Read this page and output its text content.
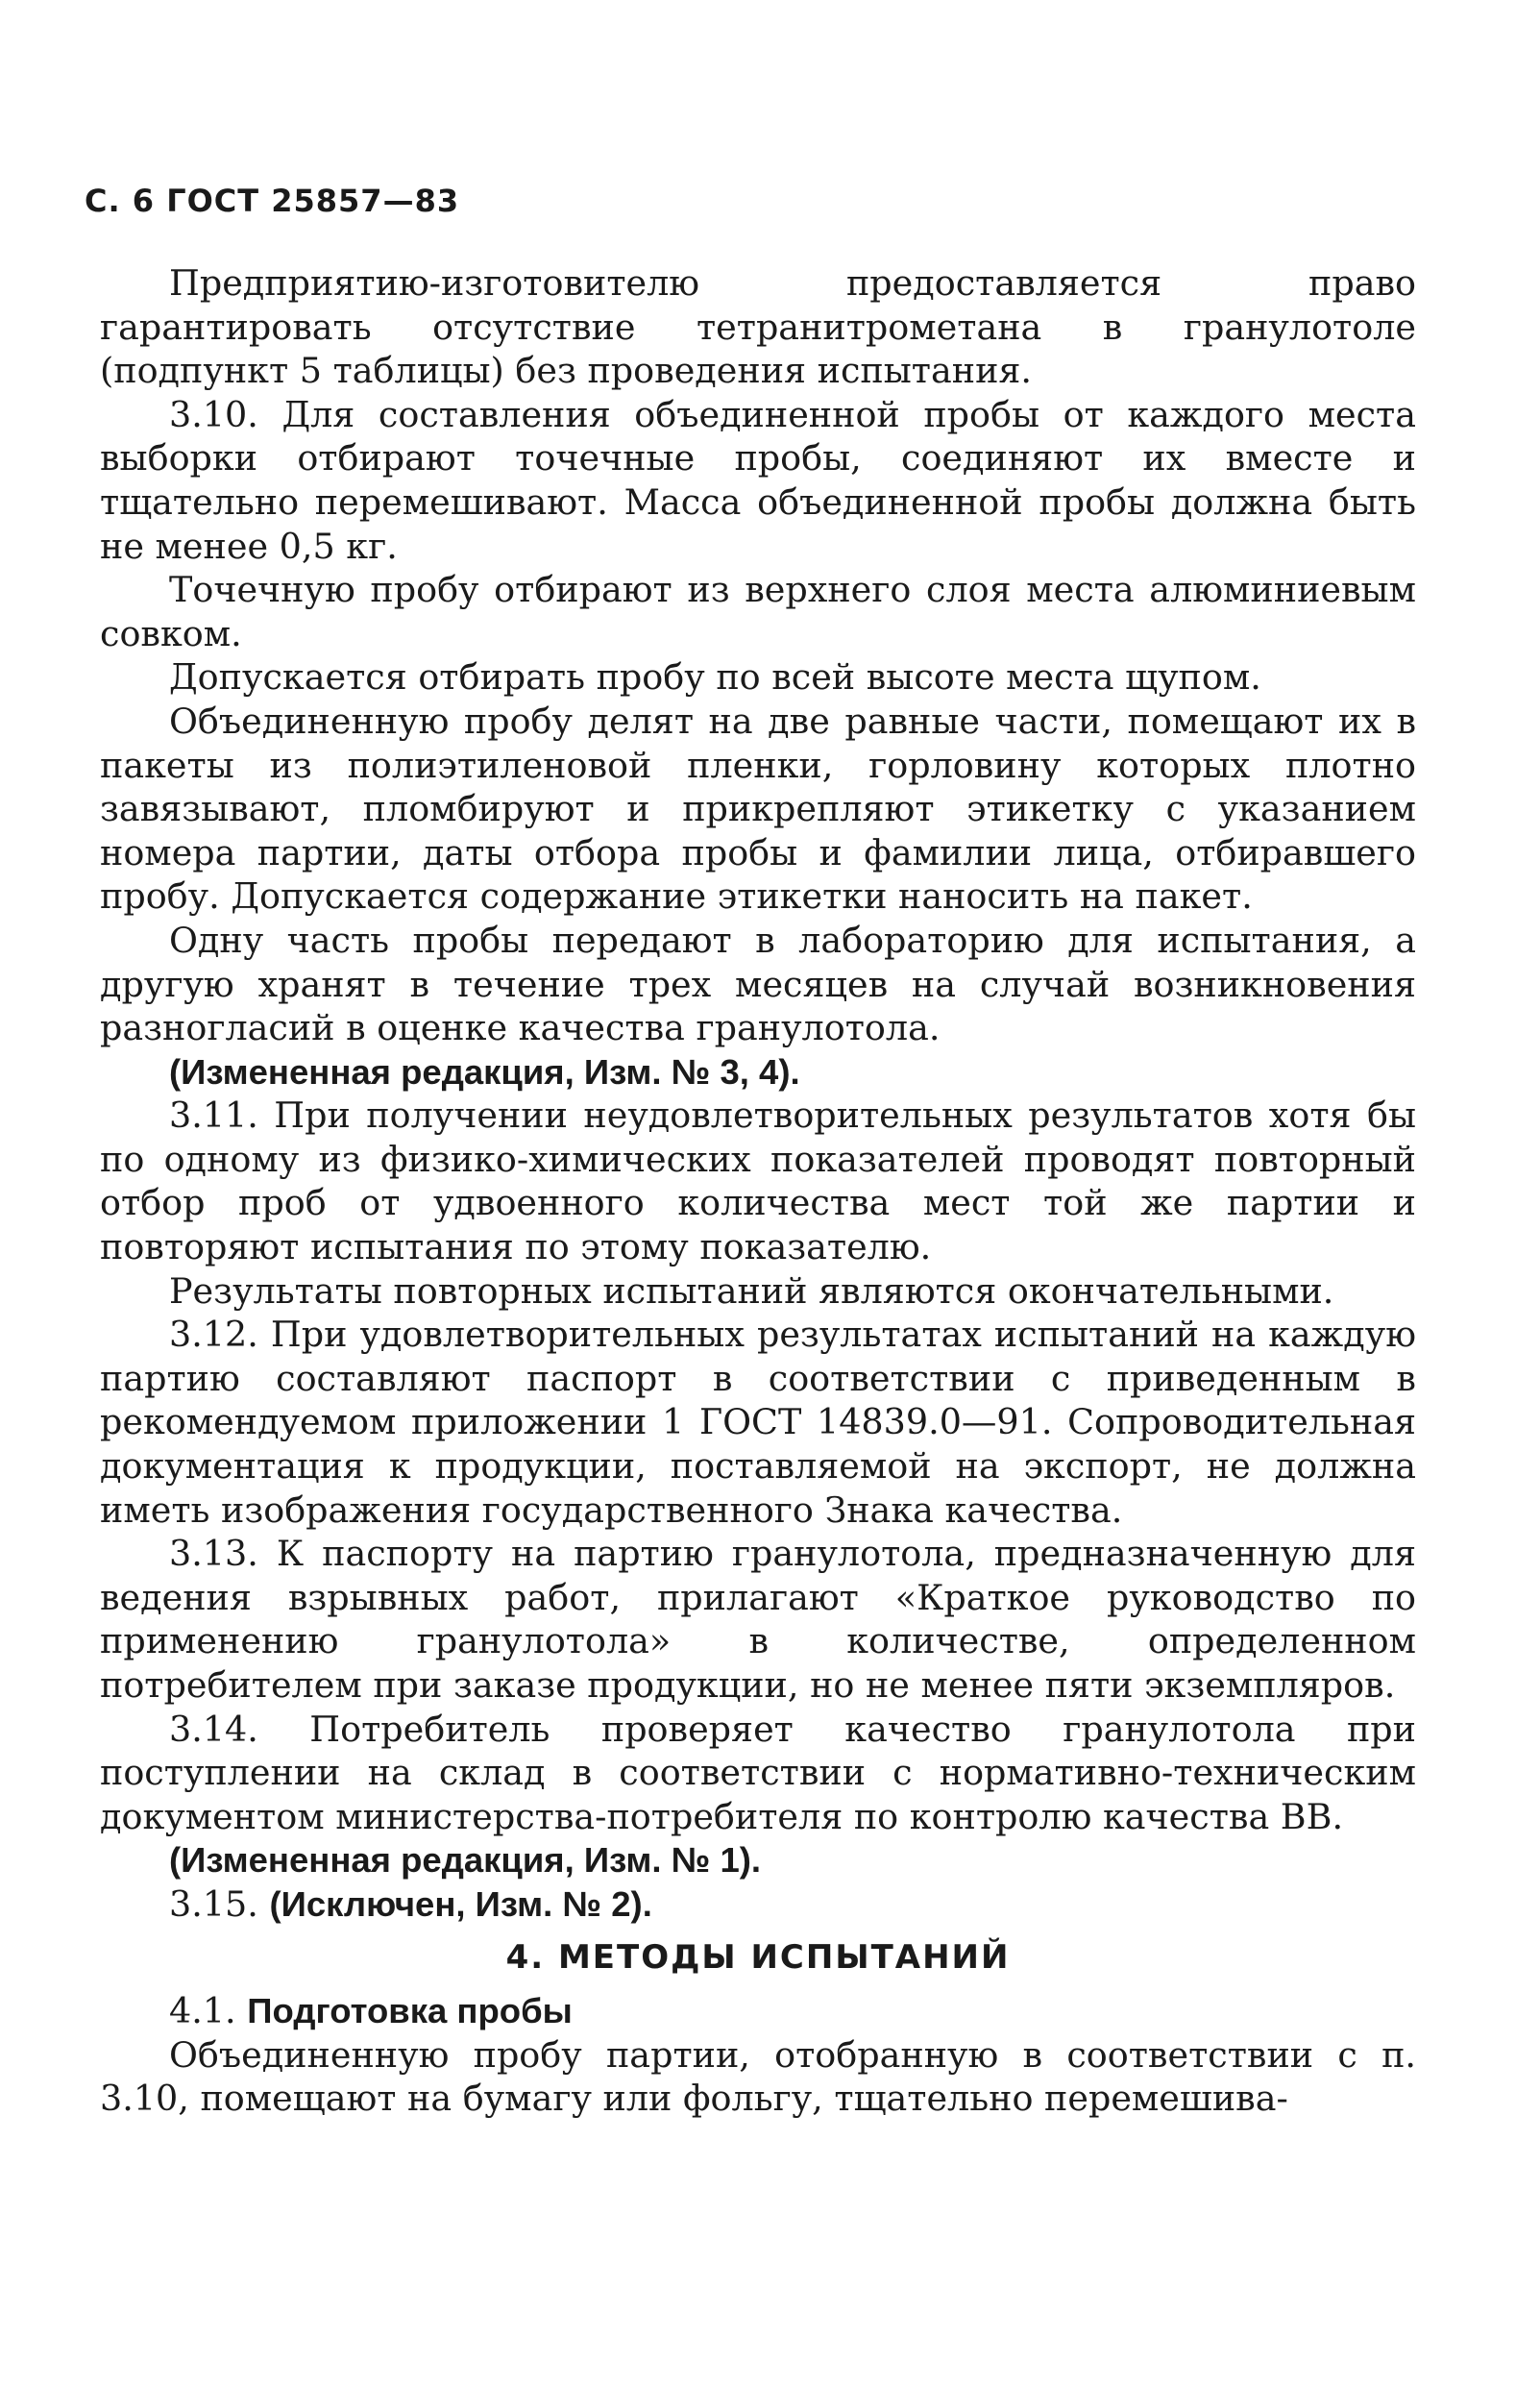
С. 6 ГОСТ 25857—83

Предприятию-изготовителю предоставляется право гарантировать отсутствие тетранитрометана в гранулотоле (подпункт 5 таблицы) без проведения испытания.

3.10. Для составления объединенной пробы от каждого места выборки отбирают точечные пробы, соединяют их вместе и тщательно перемешивают. Масса объединенной пробы должна быть не менее 0,5 кг.

Точечную пробу отбирают из верхнего слоя места алюминиевым совком.

Допускается отбирать пробу по всей высоте места щупом.

Объединенную пробу делят на две равные части, помещают их в пакеты из полиэтиленовой пленки, горловину которых плотно завязывают, пломбируют и прикрепляют этикетку с указанием номера партии, даты отбора пробы и фамилии лица, отбиравшего пробу. Допускается содержание этикетки наносить на пакет.

Одну часть пробы передают в лабораторию для испытания, а другую хранят в течение трех месяцев на случай возникновения разногласий в оценке качества гранулотола.

(Измененная редакция, Изм. № 3, 4).

3.11. При получении неудовлетворительных результатов хотя бы по одному из физико-химических показателей проводят повторный отбор проб от удвоенного количества мест той же партии и повторяют испытания по этому показателю.

Результаты повторных испытаний являются окончательными.

3.12. При удовлетворительных результатах испытаний на каждую партию составляют паспорт в соответствии с приведенным в рекомендуемом приложении 1 ГОСТ 14839.0—91. Сопроводительная документация к продукции, поставляемой на экспорт, не должна иметь изображения государственного Знака качества.

3.13. К паспорту на партию гранулотола, предназначенную для ведения взрывных работ, прилагают «Краткое руководство по применению гранулотола» в количестве, определенном потребителем при заказе продукции, но не менее пяти экземпляров.

3.14. Потребитель проверяет качество гранулотола при поступлении на склад в соответствии с нормативно-техническим документом министерства-потребителя по контролю качества ВВ.

(Измененная редакция, Изм. № 1).

3.15. (Исключен, Изм. № 2).

4. МЕТОДЫ ИСПЫТАНИЙ

4.1. Подготовка пробы

Объединенную пробу партии, отобранную в соответствии с п. 3.10, помещают на бумагу или фольгу, тщательно перемешива-
